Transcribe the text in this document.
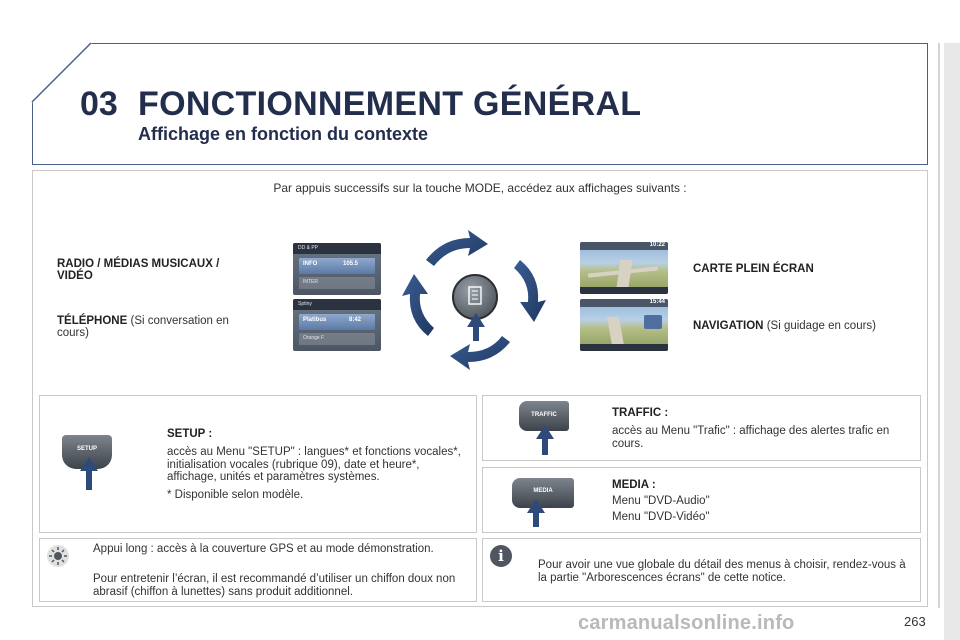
03 FONCTIONNEMENT GÉNÉRAL
Affichage en fonction du contexte
Par appuis successifs sur la touche MODE, accédez aux affichages suivants :
RADIO / MÉDIAS MUSICAUX / VIDÉO
TÉLÉPHONE (Si conversation en cours)
DD & PP
INFO	105.5
INTER
Sptiny
Platibus	8:42
Orange F
10:22
15:44
CARTE PLEIN ÉCRAN
NAVIGATION (Si guidage en cours)
SETUP
SETUP :
accès au Menu "SETUP" : langues* et fonctions vocales*, initialisation vocales (rubrique 09), date et heure*, affichage, unités et paramètres systèmes.
* Disponible selon modèle.
TRAFFIC	TRAFFIC :
accès au Menu "Trafic" : affichage des alertes trafic en cours.
MEDIA	MEDIA :
Menu "DVD-Audio"
Menu "DVD-Vidéo"
Appui long : accès à la couverture GPS et au mode démonstration.
Pour entretenir l’écran, il est recommandé d’utiliser un chiffon doux non abrasif (chiffon à lunettes) sans produit additionnel.
i	Pour avoir une vue globale du détail des menus à choisir, rendez-vous à la partie "Arborescences écrans" de cette notice.
carmanualsonline.info	263
